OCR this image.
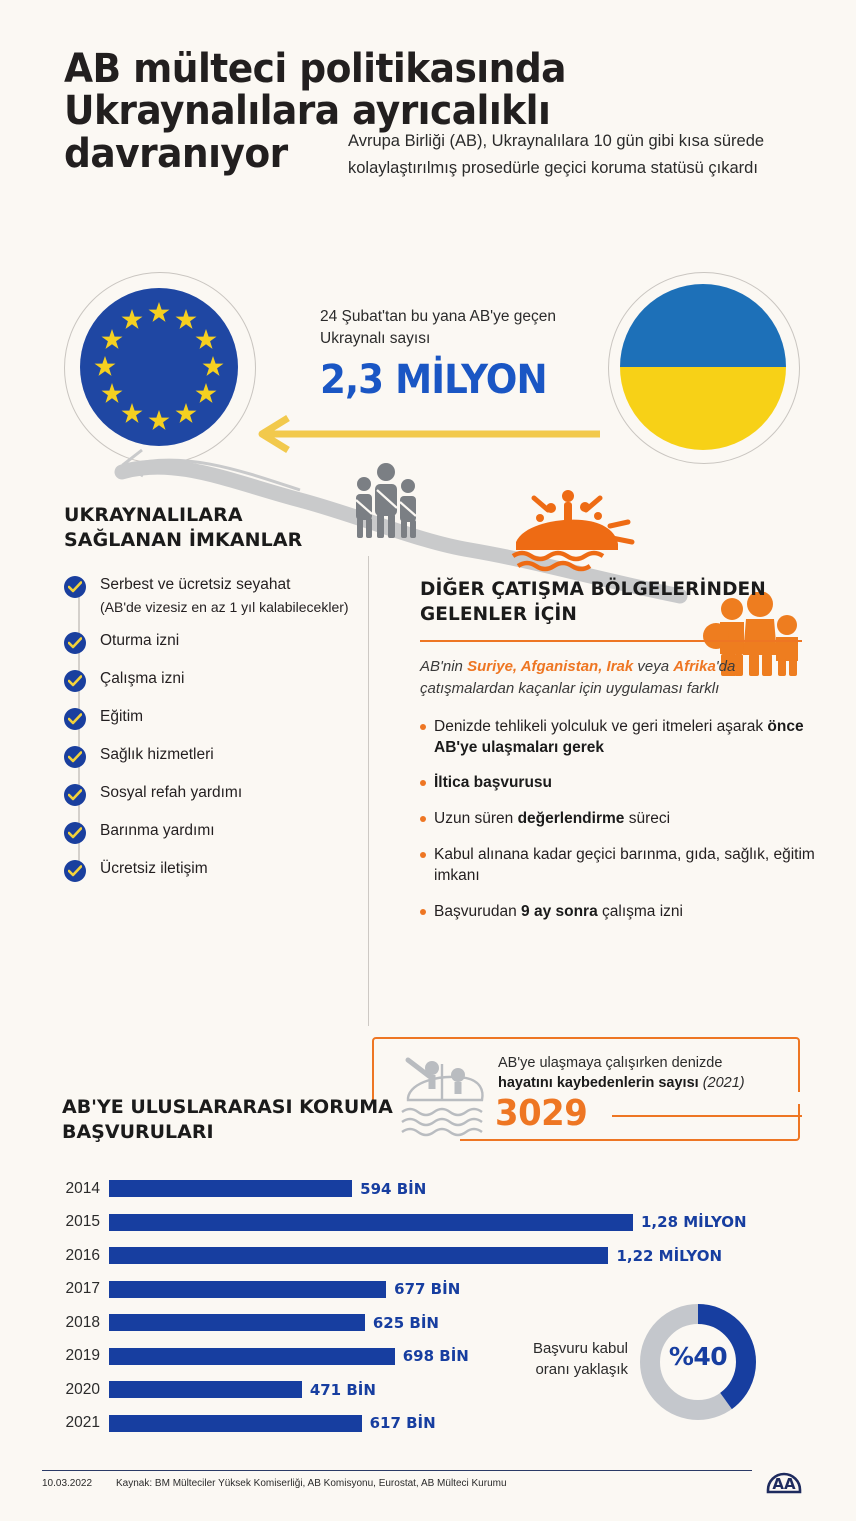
AB mülteci politikasında
Ukraynalılara ayrıcalıklı
davranıyor	Avrupa Birliği (AB), Ukraynalılara 10 gün gibi kısa sürede kolaylaştırılmış prosedürle geçici koruma statüsü çıkardı
24 Şubat'tan bu yana AB'ye geçen Ukraynalı sayısı
2,3 MİLYON
UKRAYNALILARA SAĞLANAN İMKANLAR
Serbest ve ücretsiz seyahat
(AB'de vizesiz en az 1 yıl kalabilecekler)
Oturma izni
Çalışma izni
Eğitim
Sağlık hizmetleri
Sosyal refah yardımı
Barınma yardımı
Ücretsiz iletişim
DİĞER ÇATIŞMA BÖLGELERİNDEN GELENLER İÇİN
AB'nin Suriye, Afganistan, Irak veya Afrika'da çatışmalardan kaçanlar için uygulaması farklı
Denizde tehlikeli yolculuk ve geri itmeleri aşarak önce AB'ye ulaşmaları gerek
İltica başvurusu
Uzun süren değerlendirme süreci
Kabul alınana kadar geçici barınma, gıda, sağlık, eğitim imkanı
Başvurudan 9 ay sonra çalışma izni
AB'ye ulaşmaya çalışırken denizde
hayatını kaybedenlerin sayısı (2021)
3029
AB'YE ULUSLARARASI KORUMA BAŞVURULARI
2014	594 BİN
2015	1,28 MİLYON
2016	1,22 MİLYON
2017	677 BİN
2018	625 BİN
2019	698 BİN
2020	471 BİN
2021	617 BİN
Başvuru kabul oranı yaklaşık	%40
10.03.2022 Kaynak: BM Mülteciler Yüksek Komiserliği, AB Komisyonu, Eurostat, AB Mülteci Kurumu	AA
